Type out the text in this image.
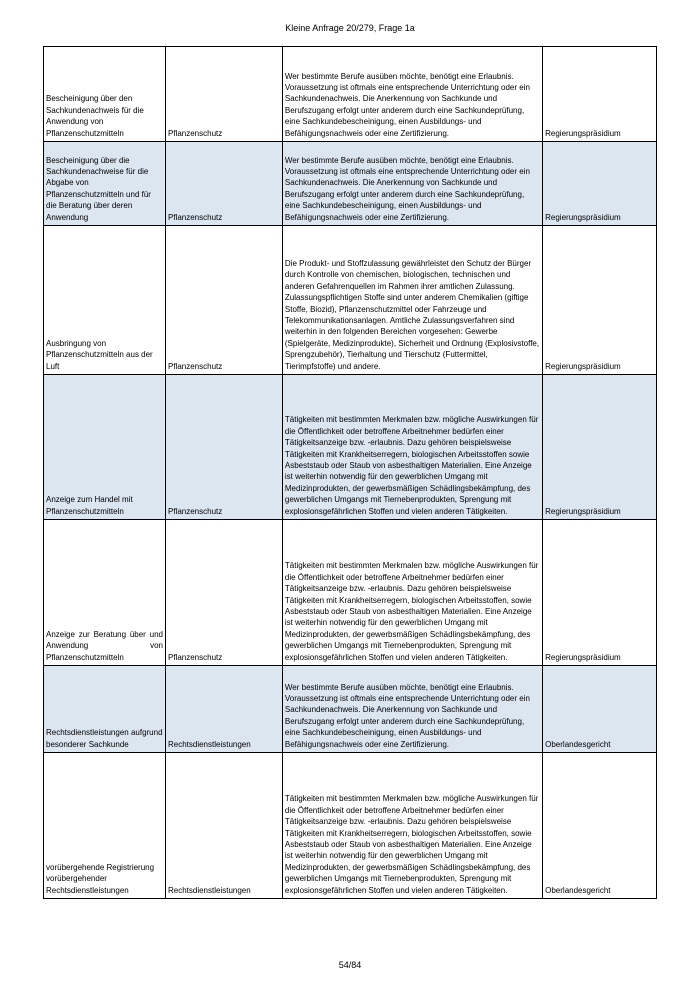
Kleine Anfrage 20/279, Frage 1a
Bescheinigung über den Sachkundenachweis für die Anwendung von Pflanzenschutzmitteln	Pflanzenschutz	Wer bestimmte Berufe ausüben möchte, benötigt eine Erlaubnis. Voraussetzung ist oftmals eine entsprechende Unterrichtung oder ein Sachkundenachweis. Die Anerkennung von Sachkunde und Berufszugang erfolgt unter anderem durch eine Sachkundeprüfung, eine Sachkundebescheinigung, einen Ausbildungs- und Befähigungsnachweis oder eine Zertifizierung.	Regierungspräsidium
Bescheinigung über die Sachkundenachweise für die Abgabe von Pflanzenschutzmitteln und für die Beratung über deren Anwendung	Pflanzenschutz	Wer bestimmte Berufe ausüben möchte, benötigt eine Erlaubnis. Voraussetzung ist oftmals eine entsprechende Unterrichtung oder ein Sachkundenachweis. Die Anerkennung von Sachkunde und Berufszugang erfolgt unter anderem durch eine Sachkundeprüfung, eine Sachkundebescheinigung, einen Ausbildungs- und Befähigungsnachweis oder eine Zertifizierung.	Regierungspräsidium
Ausbringung von Pflanzenschutzmitteln aus der Luft	Pflanzenschutz	Die Produkt- und Stoffzulassung gewährleistet den Schutz der Bürger durch Kontrolle von chemischen, biologischen, technischen und anderen Gefahrenquellen im Rahmen ihrer amtlichen Zulassung. Zulassungspflichtigen Stoffe sind unter anderem Chemikalien (giftige Stoffe, Biozid), Pflanzenschutzmittel oder Fahrzeuge und Telekommunikationsanlagen. Amtliche Zulassungsverfahren sind weiterhin in den folgenden Bereichen vorgesehen: Gewerbe (Spielgeräte, Medizinprodukte), Sicherheit und Ordnung (Explosivstoffe, Sprengzubehör), Tierhaltung und Tierschutz (Futtermittel, Tierimpfstoffe) und andere.	Regierungspräsidium
Anzeige zum Handel mit Pflanzenschutzmitteln	Pflanzenschutz	Tätigkeiten mit bestimmten Merkmalen bzw. mögliche Auswirkungen für die Öffentlichkeit oder betroffene Arbeitnehmer bedürfen einer Tätigkeitsanzeige bzw. -erlaubnis. Dazu gehören beispielsweise Tätigkeiten mit Krankheitserregern, biologischen Arbeitsstoffen sowie Asbeststaub oder Staub von asbesthaltigen Materialien. Eine Anzeige ist weiterhin notwendig für den gewerblichen Umgang mit Medizinprodukten, der gewerbsmäßigen Schädlingsbekämpfung, des gewerblichen Umgangs mit Tiernebenprodukten, Sprengung mit explosionsgefährlichen Stoffen und vielen anderen Tätigkeiten.	Regierungspräsidium
Anzeige zur Beratung über und Anwendung von Pflanzenschutzmitteln	Pflanzenschutz	Tätigkeiten mit bestimmten Merkmalen bzw. mögliche Auswirkungen für die Öffentlichkeit oder betroffene Arbeitnehmer bedürfen einer Tätigkeitsanzeige bzw. -erlaubnis. Dazu gehören beispielsweise Tätigkeiten mit Krankheitserregern, biologischen Arbeitsstoffen, sowie Asbeststaub oder Staub von asbesthaltigen Materialien. Eine Anzeige ist weiterhin notwendig für den gewerblichen Umgang mit Medizinprodukten, der gewerbsmäßigen Schädlingsbekämpfung, des gewerblichen Umgangs mit Tiernebenprodukten, Sprengung mit explosionsgefährlichen Stoffen und vielen anderen Tätigkeiten.	Regierungspräsidium
Rechtsdienstleistungen aufgrund besonderer Sachkunde	Rechtsdienstleistungen	Wer bestimmte Berufe ausüben möchte, benötigt eine Erlaubnis. Voraussetzung ist oftmals eine entsprechende Unterrichtung oder ein Sachkundenachweis. Die Anerkennung von Sachkunde und Berufszugang erfolgt unter anderem durch eine Sachkundeprüfung, eine Sachkundebescheinigung, einen Ausbildungs- und Befähigungsnachweis oder eine Zertifizierung.	Oberlandesgericht
vorübergehende Registrierung vorübergehender Rechtsdienstleistungen	Rechtsdienstleistungen	Tätigkeiten mit bestimmten Merkmalen bzw. mögliche Auswirkungen für die Öffentlichkeit oder betroffene Arbeitnehmer bedürfen einer Tätigkeitsanzeige bzw. -erlaubnis. Dazu gehören beispielsweise Tätigkeiten mit Krankheitserregern, biologischen Arbeitsstoffen, sowie Asbeststaub oder Staub von asbesthaltigen Materialien. Eine Anzeige ist weiterhin notwendig für den gewerblichen Umgang mit Medizinprodukten, der gewerbsmäßigen Schädlingsbekämpfung, des gewerblichen Umgangs mit Tiernebenprodukten, Sprengung mit explosionsgefährlichen Stoffen und vielen anderen Tätigkeiten.	Oberlandesgericht
54/84
